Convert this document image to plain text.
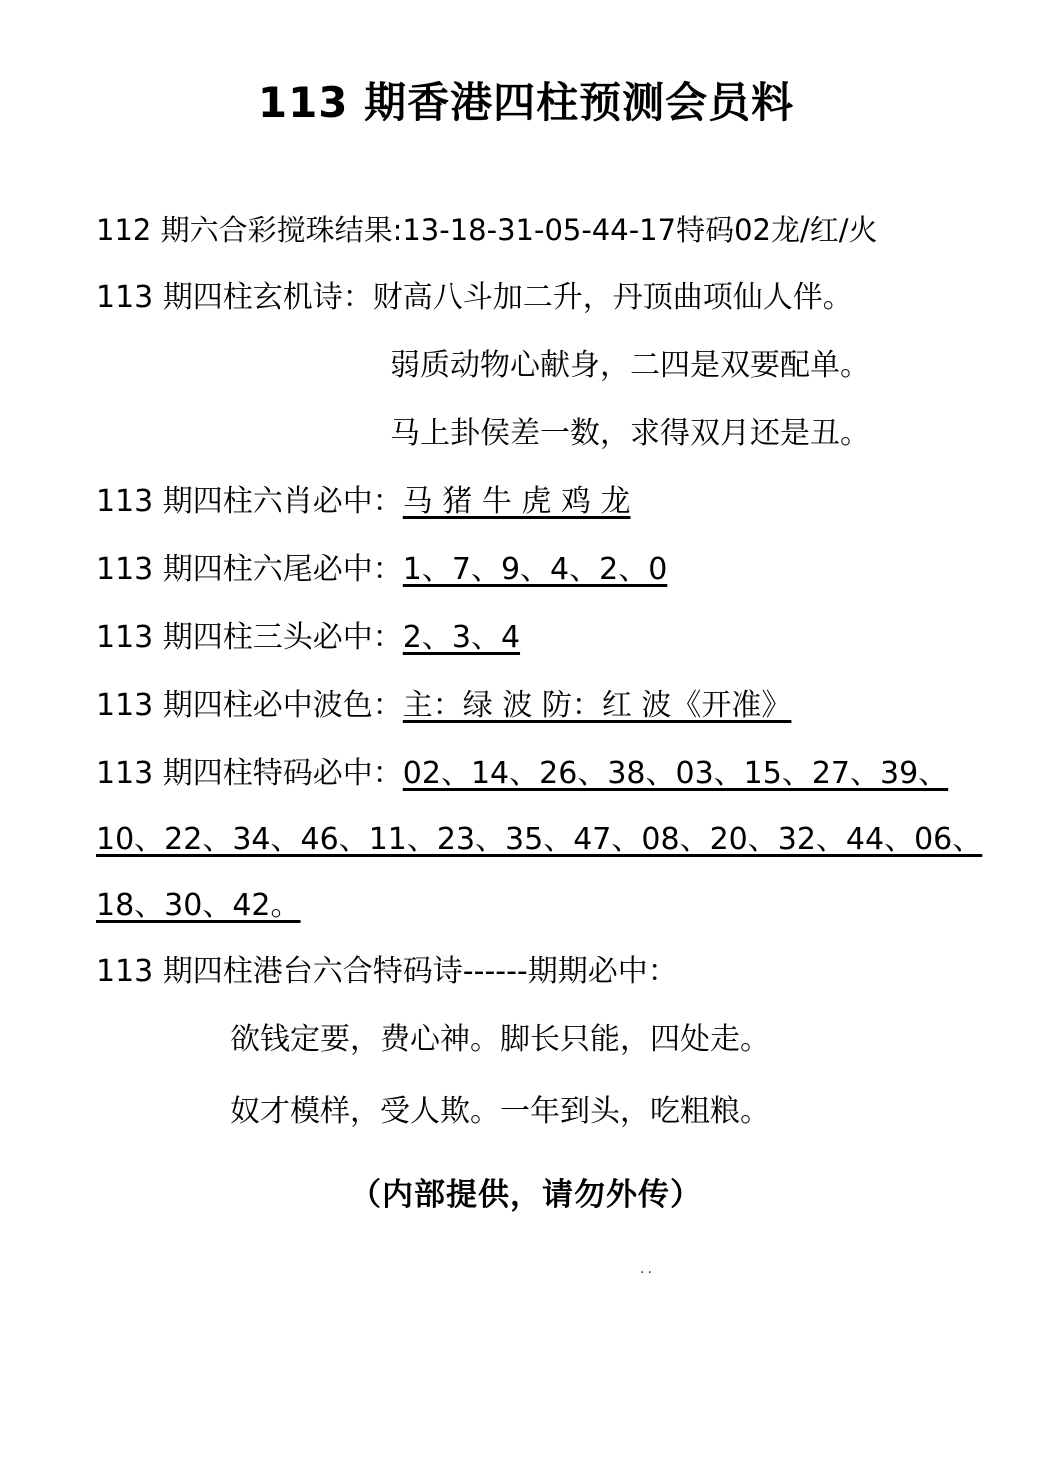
113 期香港四柱预测会员料
112 期六合彩搅珠结果:13-18-31-05-44-17特码02龙/红/火
113 期四柱玄机诗：财高八斗加二升，丹顶曲项仙人伴。
弱质动物心献身，二四是双要配单。
马上卦侯差一数，求得双月还是丑。
113 期四柱六肖必中：马 猪 牛 虎 鸡 龙
113 期四柱六尾必中：1、7、9、4、2、0
113 期四柱三头必中：2、3、4
113 期四柱必中波色：主：绿 波 防：红 波《开准》
113 期四柱特码必中：02、14、26、38、03、15、27、39、
10、22、34、46、11、23、35、47、08、20、32、44、06、
18、30、42。
113 期四柱港台六合特码诗------期期必中：
欲钱定要，费心神。脚长只能，四处走。
奴才模样，受人欺。一年到头，吃粗粮。
（内部提供，请勿外传）
..
